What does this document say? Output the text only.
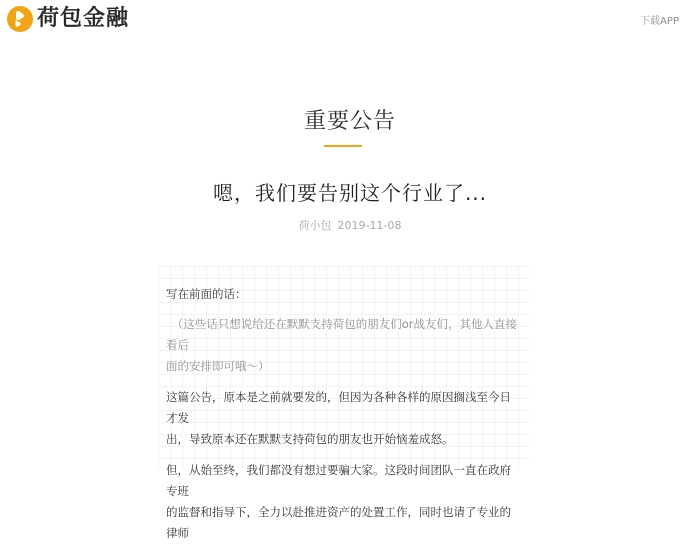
荷包金融	下载APP
重要公告
嗯，我们要告别这个行业了...
荷小包 2019-11-08

写在前面的话：

（这些话只想说给还在默默支持荷包的朋友们or战友们，其他人直接看后
面的安排即可哦～）

这篇公告，原本是之前就要发的，但因为各种各样的原因搁浅至今日才发
出，导致原本还在默默支持荷包的朋友也开始恼羞成怒。

但，从始至终，我们都没有想过要骗大家。这段时间团队一直在政府专班
的监督和指导下，全力以赴推进资产的处置工作，同时也请了专业的律师
